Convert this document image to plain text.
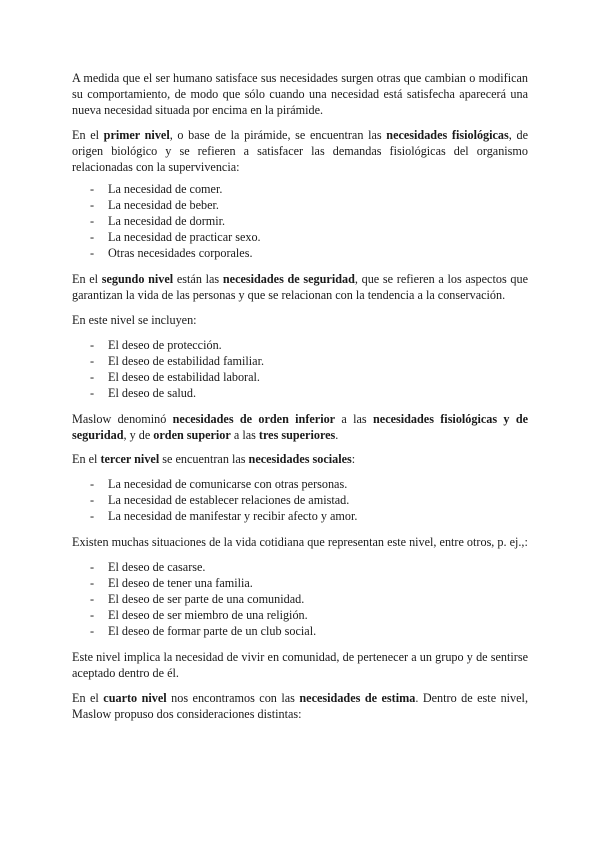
A medida que el ser humano satisface sus necesidades surgen otras que cambian o modifican su comportamiento, de modo que sólo cuando una necesidad está satisfecha aparecerá una nueva necesidad situada por encima en la pirámide.

En el primer nivel, o base de la pirámide, se encuentran las necesidades fisiológicas, de origen biológico y se refieren a satisfacer las demandas fisiológicas del organismo relacionadas con la supervivencia:

- La necesidad de comer.
- La necesidad de beber.
- La necesidad de dormir.
- La necesidad de practicar sexo.
- Otras necesidades corporales.

En el segundo nivel están las necesidades de seguridad, que se refieren a los aspectos que garantizan la vida de las personas y que se relacionan con la tendencia a la conservación.

En este nivel se incluyen:

- El deseo de protección.
- El deseo de estabilidad familiar.
- El deseo de estabilidad laboral.
- El deseo de salud.

Maslow denominó necesidades de orden inferior a las necesidades fisiológicas y de seguridad, y de orden superior a las tres superiores.

En el tercer nivel se encuentran las necesidades sociales:

- La necesidad de comunicarse con otras personas.
- La necesidad de establecer relaciones de amistad.
- La necesidad de manifestar y recibir afecto y amor.

Existen muchas situaciones de la vida cotidiana que representan este nivel, entre otros, p. ej.,:

- El deseo de casarse.
- El deseo de tener una familia.
- El deseo de ser parte de una comunidad.
- El deseo de ser miembro de una religión.
- El deseo de formar parte de un club social.

Este nivel implica la necesidad de vivir en comunidad, de pertenecer a un grupo y de sentirse aceptado dentro de él.

En el cuarto nivel nos encontramos con las necesidades de estima. Dentro de este nivel, Maslow propuso dos consideraciones distintas:
